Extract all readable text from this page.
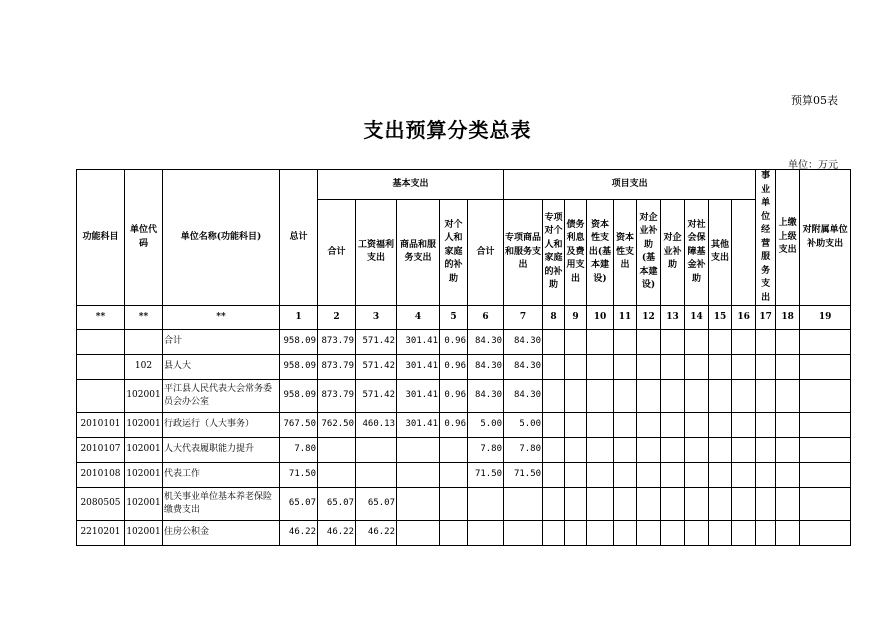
预算05表
支出预算分类总表
单位：万元
功能科目	单位代码	单位名称(功能科目)	总计	基本支出					项目支出										事业单位经营服务支出	上缴上级支出	对附属单位补助支出	
				合计	工资福利支出	商品和服务支出	对个人和家庭的补助	合计	专项商品和服务支出	专项对个人和家庭的补助	债务利息及费用支出	资本性支出(基本建设)	资本性支出	对企业补助(基本建设)	对企业补助	对社会保障基金补助	其他支出					
**	**	**	1	2	3	4	5	6	7	8	9	10	11	12	13	14	15	16	17	18	19	
		合计	958.09	873.79	571.42	301.41	0.96	84.30	84.30													
	102	县人大	958.09	873.79	571.42	301.41	0.96	84.30	84.30													
	102001	平江县人民代表大会常务委员会办公室	958.09	873.79	571.42	301.41	0.96	84.30	84.30													
2010101	102001	行政运行（人大事务）	767.50	762.50	460.13	301.41	0.96	5.00	5.00													
2010107	102001	人大代表履职能力提升	7.80					7.80	7.80													
2010108	102001	代表工作	71.50					71.50	71.50													
2080505	102001	机关事业单位基本养老保险缴费支出	65.07	65.07	65.07																	
2210201	102001	住房公积金	46.22	46.22	46.22																	
